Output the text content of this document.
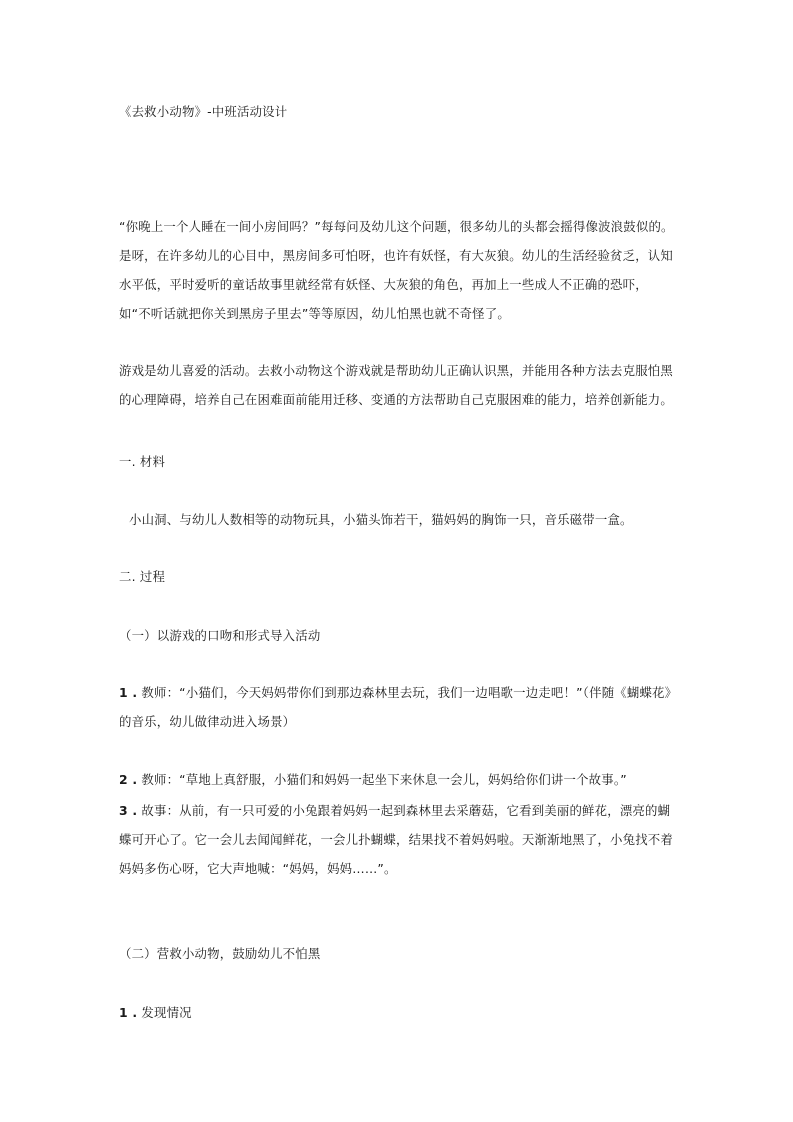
《去救小动物》-中班活动设计

“你晚上一个人睡在一间小房间吗？”每每问及幼儿这个问题，很多幼儿的头都会摇得像波浪鼓似的。是呀，在许多幼儿的心目中，黑房间多可怕呀，也许有妖怪，有大灰狼。幼儿的生活经验贫乏，认知水平低，平时爱听的童话故事里就经常有妖怪、大灰狼的角色，再加上一些成人不正确的恐吓，如“不听话就把你关到黑房子里去”等等原因，幼儿怕黑也就不奇怪了。

游戏是幼儿喜爱的活动。去救小动物这个游戏就是帮助幼儿正确认识黑，并能用各种方法去克服怕黑的心理障碍，培养自己在困难面前能用迁移、变通的方法帮助自己克服困难的能力，培养创新能力。

一. 材料

小山洞、与幼儿人数相等的动物玩具，小猫头饰若干，猫妈妈的胸饰一只，音乐磁带一盒。

二. 过程

（一）以游戏的口吻和形式导入活动

1 . 教师：“小猫们，今天妈妈带你们到那边森林里去玩，我们一边唱歌一边走吧！”（伴随《蝴蝶花》的音乐，幼儿做律动进入场景）

2 . 教师：“草地上真舒服，小猫们和妈妈一起坐下来休息一会儿，妈妈给你们讲一个故事。”

3 . 故事：从前，有一只可爱的小兔跟着妈妈一起到森林里去采蘑菇，它看到美丽的鲜花，漂亮的蝴蝶可开心了。它一会儿去闻闻鲜花，一会儿扑蝴蝶，结果找不着妈妈啦。天渐渐地黑了，小兔找不着妈妈多伤心呀，它大声地喊：“妈妈，妈妈……”。

（二）营救小动物，鼓励幼儿不怕黑

1 . 发现情况
